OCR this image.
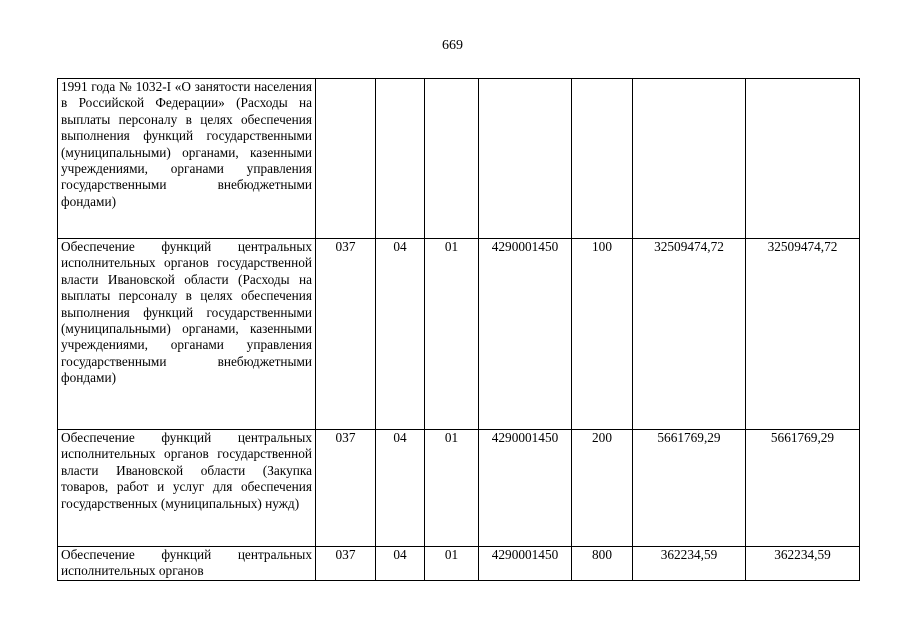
669
1991 года № 1032-I «О занятости населения в Российской Федерации» (Расходы на выплаты персоналу в целях обеспечения выполнения функций государственными (муниципальными) органами, казенными учреждениями, органами управления государственными внебюджетными фондами)							
Обеспечение функций центральных исполнительных органов государственной власти Ивановской области (Расходы на выплаты персоналу в целях обеспечения выполнения функций государственными (муниципальными) органами, казенными учреждениями, органами управления государственными внебюджетными фондами)	037	04	01	4290001450	100	32509474,72	32509474,72
Обеспечение функций центральных исполнительных органов государственной власти Ивановской области (Закупка товаров, работ и услуг для обеспечения государственных (муниципальных) нужд)	037	04	01	4290001450	200	5661769,29	5661769,29
Обеспечение функций центральных исполнительных органов	037	04	01	4290001450	800	362234,59	362234,59
